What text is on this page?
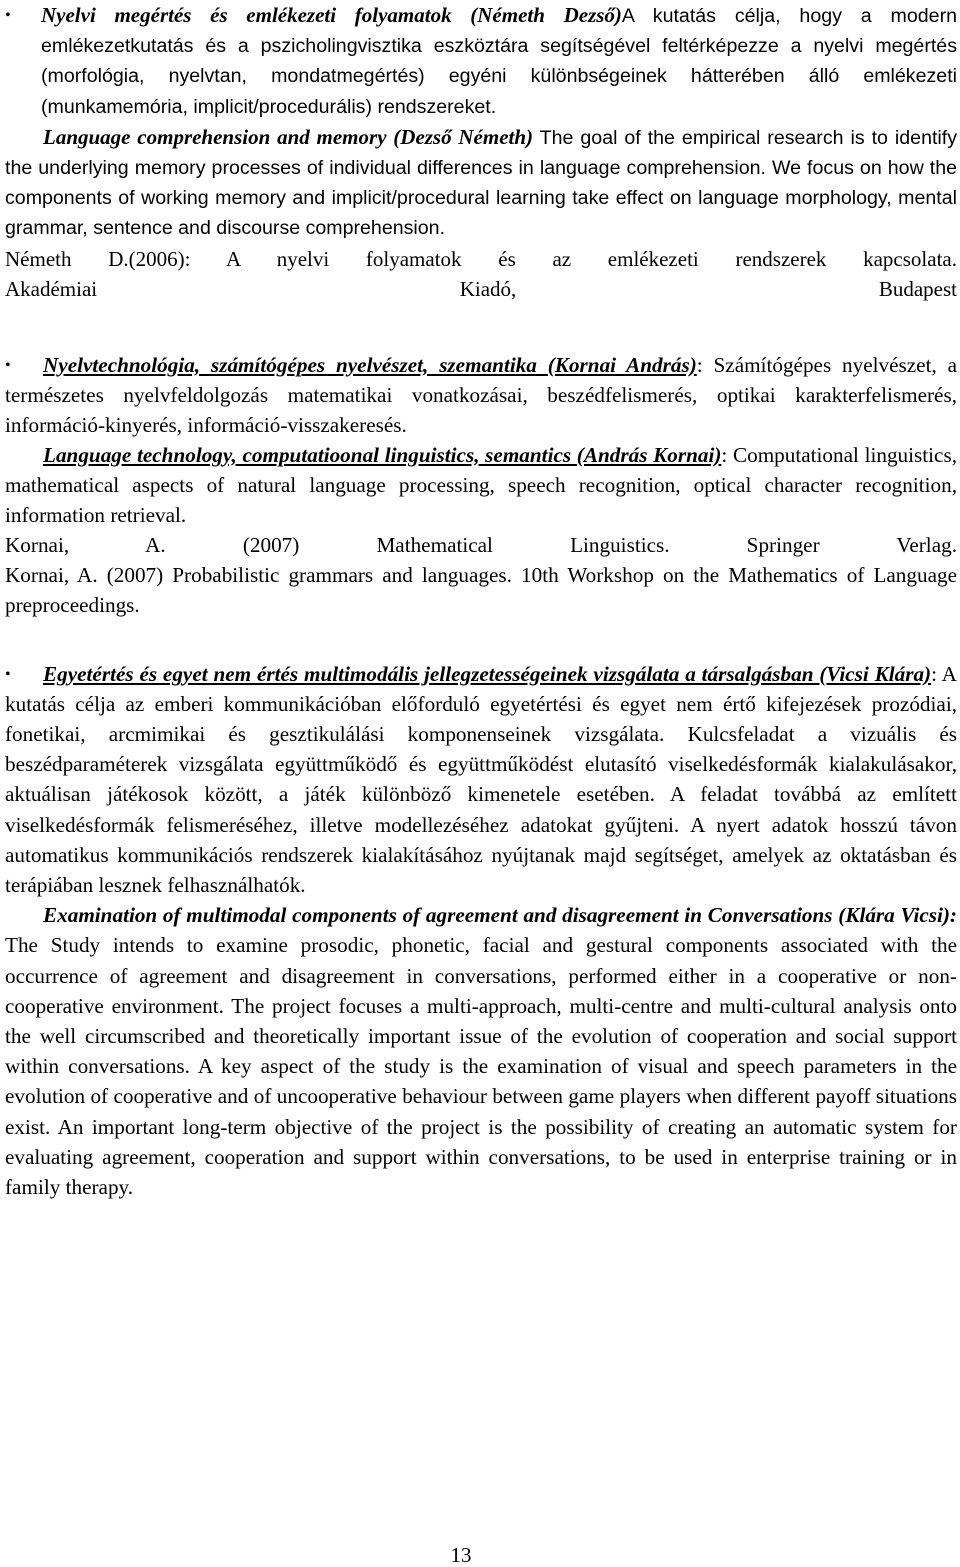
•	Nyelvi megértés és emlékezeti folyamatok (Németh Dezső)A kutatás célja, hogy a modern emlékezetkutatás és a pszicholingvisztika eszköztára segítségével feltérképezze a nyelvi megértés (morfológia, nyelvtan, mondatmegértés) egyéni különbségeinek hátterében álló emlékezeti (munkamemória, implicit/procedurális) rendszereket.

Language comprehension and memory (Dezső Németh) The goal of the empirical research is to identify the underlying memory processes of individual differences in language comprehension. We focus on how the components of working memory and implicit/procedural learning take effect on language morphology, mental grammar, sentence and discourse comprehension.

Németh D.(2006): A nyelvi folyamatok és az emlékezeti rendszerek kapcsolata.

Akadémiai Kiadó, Budapest

•	Nyelvtechnológia, számítógépes nyelvészet, szemantika (Kornai András): Számítógépes nyelvészet, a természetes nyelvfeldolgozás matematikai vonatkozásai, beszédfelismerés, optikai karakterfelismerés, információ-kinyerés, információ-visszakeresés.

Language technology, computatioonal linguistics, semantics (András Kornai): Computational linguistics, mathematical aspects of natural language processing, speech recognition, optical character recognition, information retrieval.

Kornai, A. (2007) Mathematical Linguistics. Springer Verlag.

Kornai, A. (2007) Probabilistic grammars and languages. 10th Workshop on the Mathematics of Language preproceedings.

•	Egyetértés és egyet nem értés multimodális jellegzetességeinek vizsgálata a társalgásban (Vicsi Klára): A kutatás célja az emberi kommunikációban előforduló egyetértési és egyet nem értő kifejezések prozódiai, fonetikai, arcmimikai és gesztikulálási komponenseinek vizsgálata. Kulcsfeladat a vizuális és beszédparaméterek vizsgálata együttműködő és együttműködést elutasító viselkedésformák kialakulásakor, aktuálisan játékosok között, a játék különböző kimenetele esetében. A feladat továbbá az említett viselkedésformák felismeréséhez, illetve modellezéséhez adatokat gyűjteni. A nyert adatok hosszú távon automatikus kommunikációs rendszerek kialakításához nyújtanak majd segítséget, amelyek az oktatásban és terápiában lesznek felhasználhatók.

Examination of multimodal components of agreement and disagreement in Conversations (Klára Vicsi): The Study intends to examine prosodic, phonetic, facial and gestural components associated with the occurrence of agreement and disagreement in conversations, performed either in a cooperative or non-cooperative environment. The project focuses a multi-approach, multi-centre and multi-cultural analysis onto the well circumscribed and theoretically important issue of the evolution of cooperation and social support within conversations. A key aspect of the study is the examination of visual and speech parameters in the evolution of cooperative and of uncooperative behaviour between game players when different payoff situations exist. An important long-term objective of the project is the possibility of creating an automatic system for evaluating agreement, cooperation and support within conversations, to be used in enterprise training or in family therapy.

13
